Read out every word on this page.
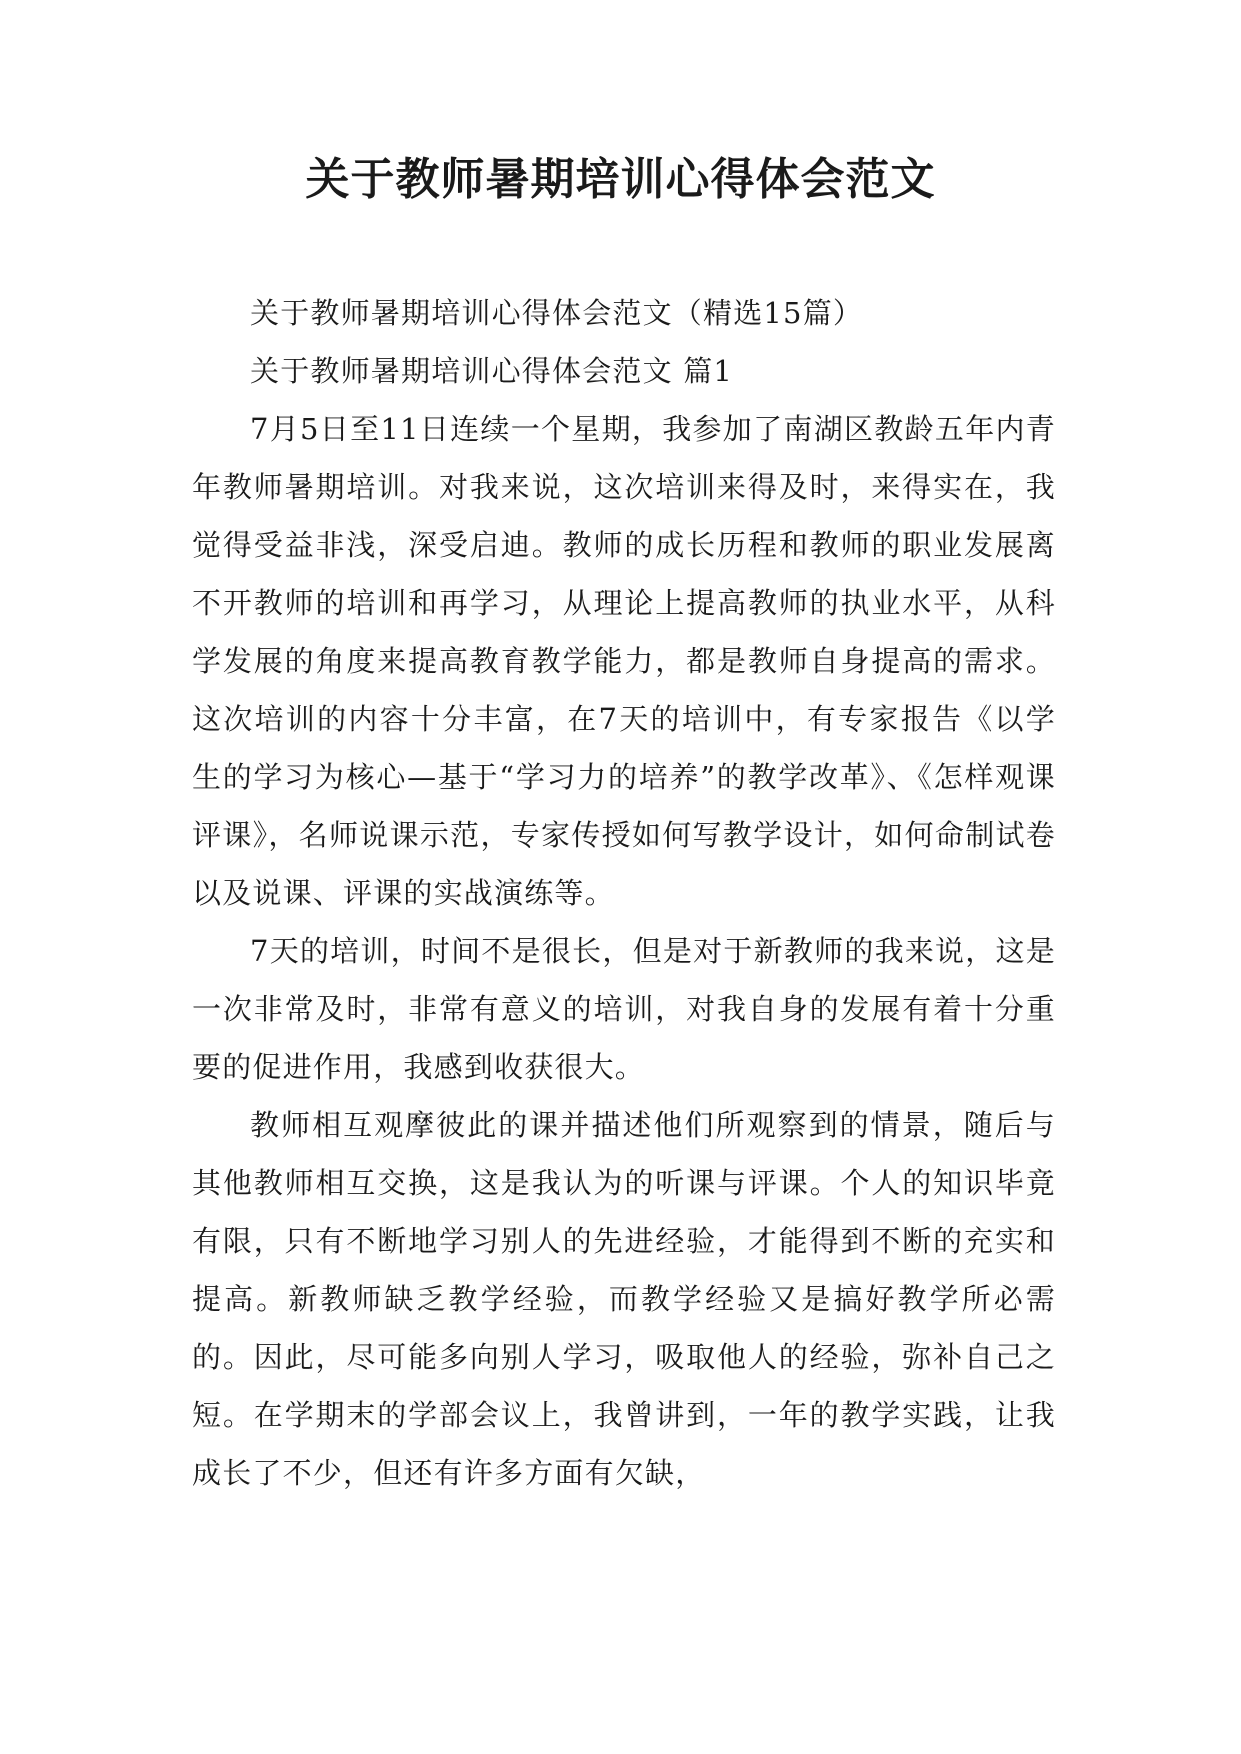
关于教师暑期培训心得体会范文

关于教师暑期培训心得体会范文（精选15篇）

关于教师暑期培训心得体会范文 篇1

7月5日至11日连续一个星期，我参加了南湖区教龄五年内青年教师暑期培训。对我来说，这次培训来得及时，来得实在，我觉得受益非浅，深受启迪。教师的成长历程和教师的职业发展离不开教师的培训和再学习，从理论上提高教师的执业水平，从科学发展的角度来提高教育教学能力，都是教师自身提高的需求。这次培训的内容十分丰富，在7天的培训中，有专家报告《以学生的学习为核心—基于“学习力的培养”的教学改革》、《怎样观课评课》，名师说课示范，专家传授如何写教学设计，如何命制试卷以及说课、评课的实战演练等。

7天的培训，时间不是很长，但是对于新教师的我来说，这是一次非常及时，非常有意义的培训，对我自身的发展有着十分重要的促进作用，我感到收获很大。

教师相互观摩彼此的课并描述他们所观察到的情景，随后与其他教师相互交换，这是我认为的听课与评课。个人的知识毕竟有限，只有不断地学习别人的先进经验，才能得到不断的充实和提高。新教师缺乏教学经验，而教学经验又是搞好教学所必需的。因此，尽可能多向别人学习，吸取他人的经验，弥补自己之短。在学期末的学部会议上，我曾讲到，一年的教学实践，让我成长了不少，但还有许多方面有欠缺，
